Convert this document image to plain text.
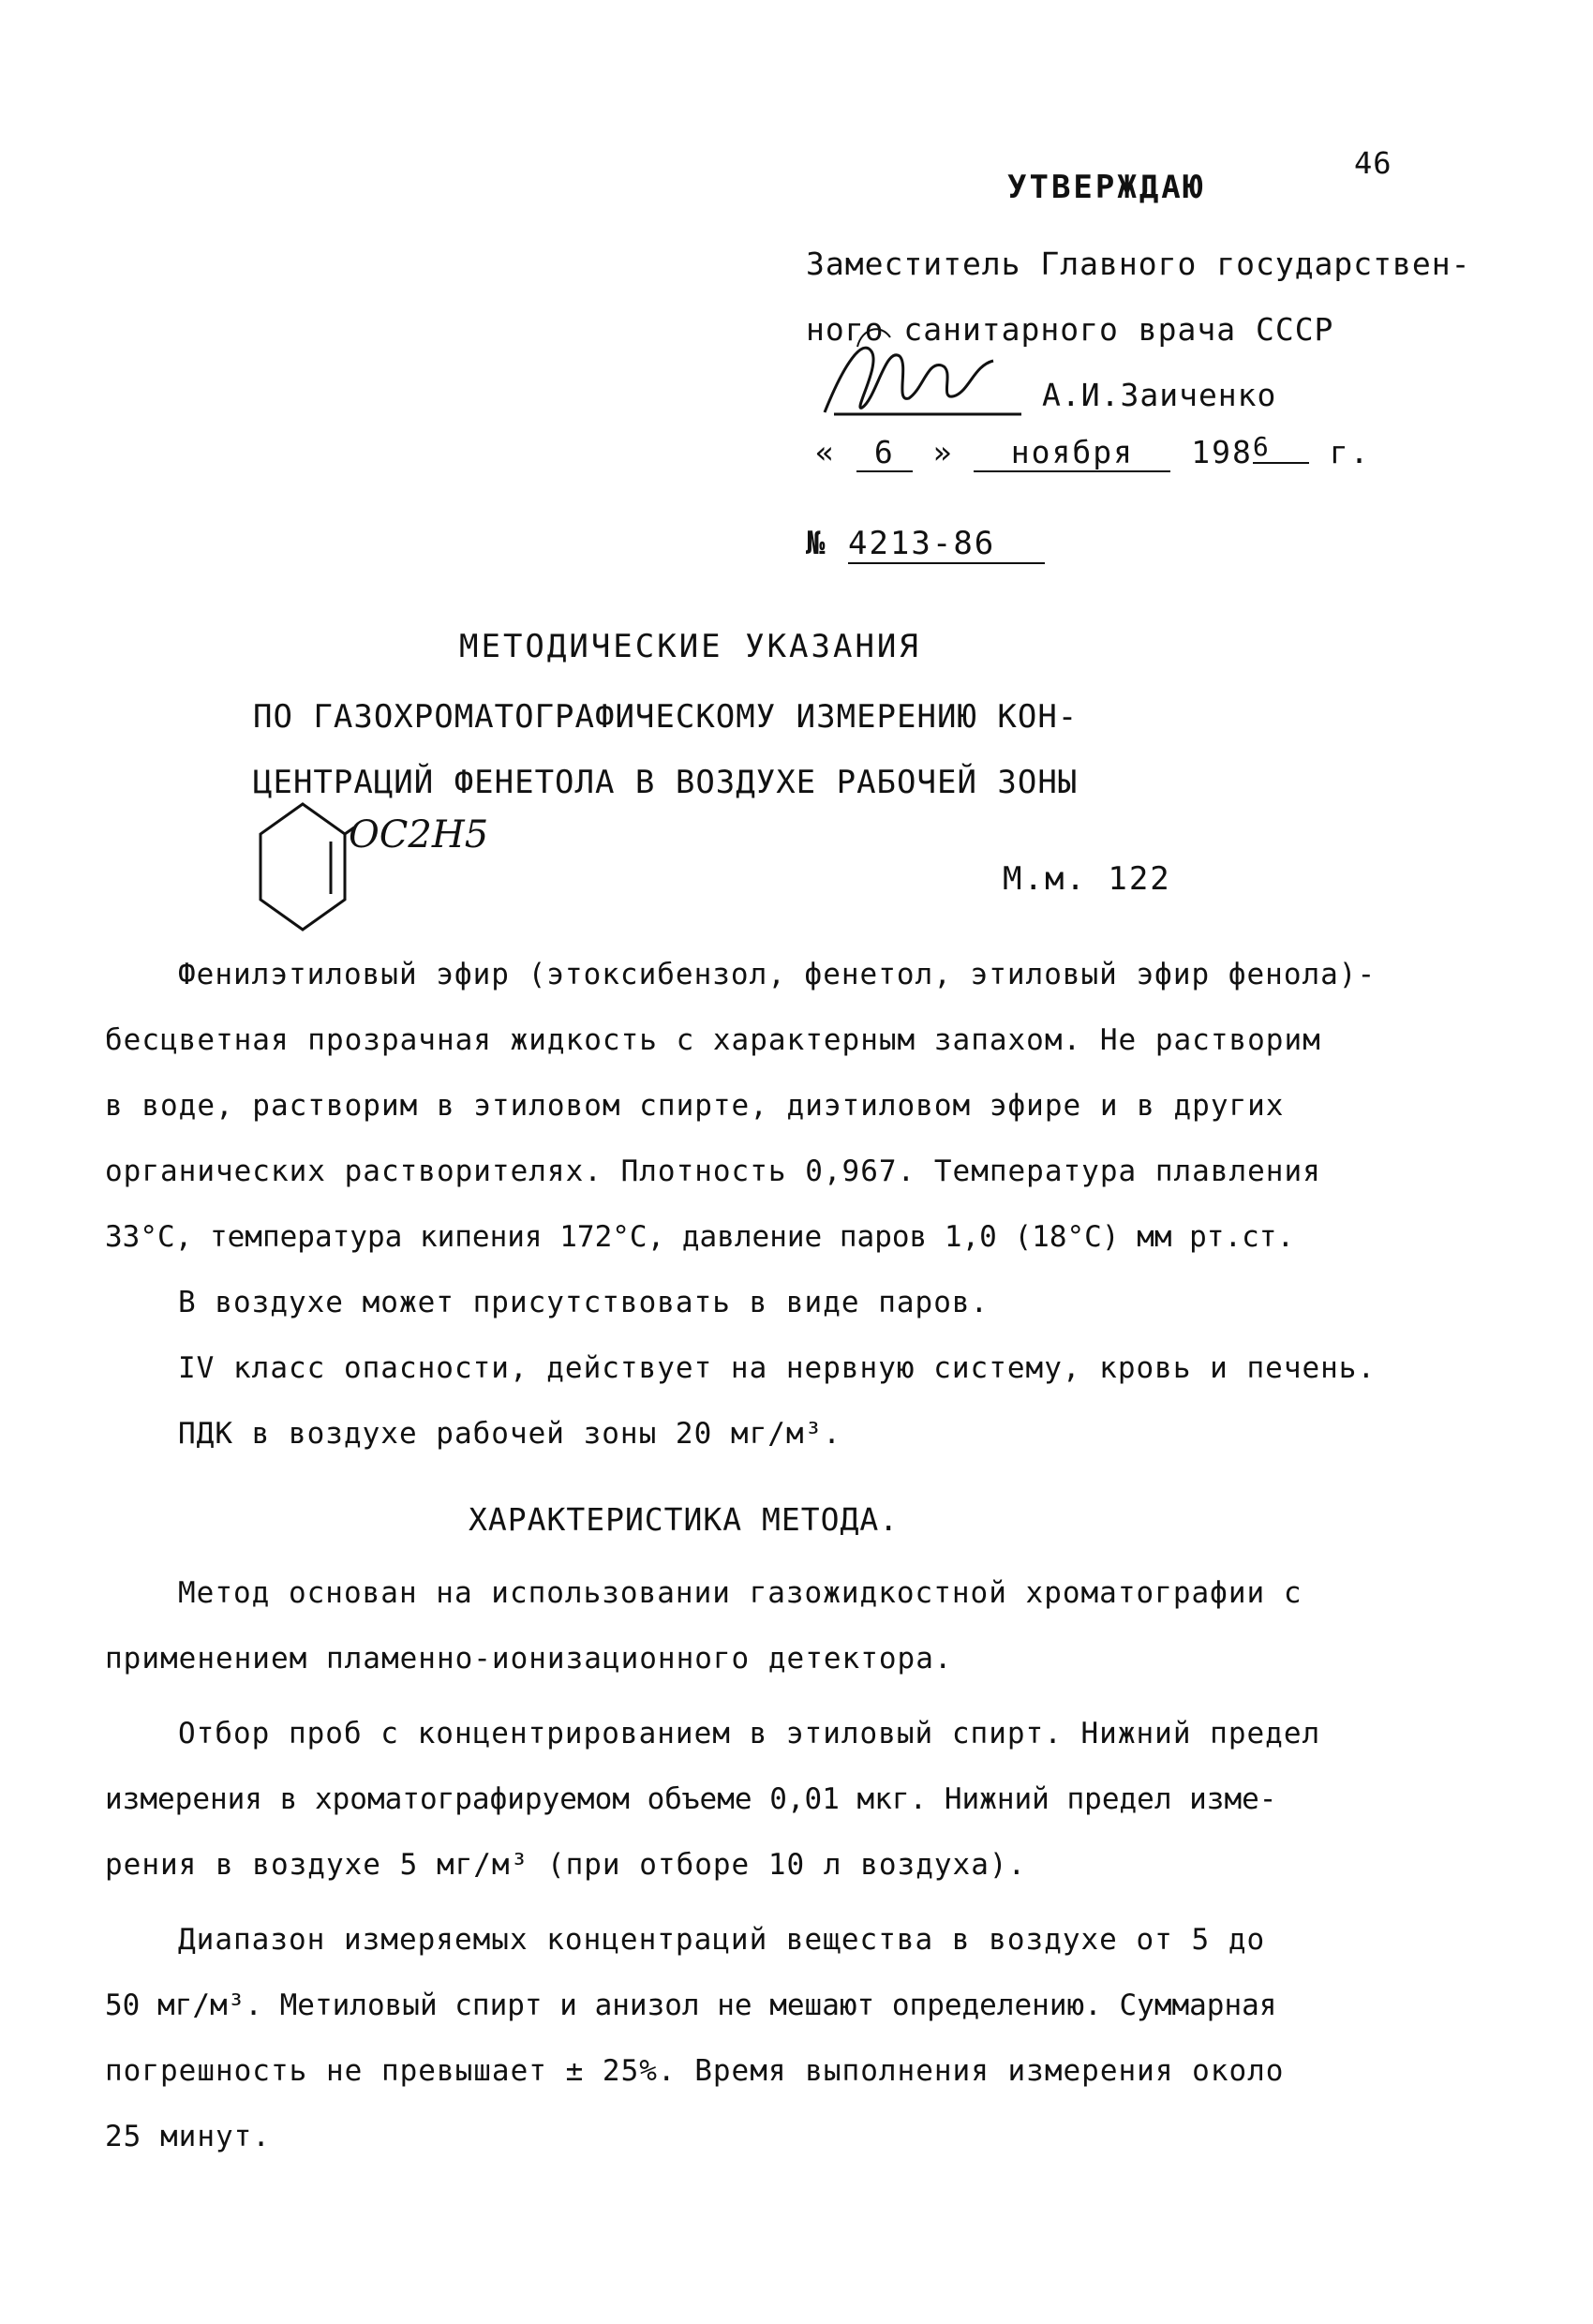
46
УТВЕРЖДАЮ
Заместитель Главного государствен-
ного санитарного врача СССР
А.И.Заиченко
« 6 » ноября 1986 г.
№ 4213-86
МЕТОДИЧЕСКИЕ УКАЗАНИЯ
ПО ГАЗОХРОМАТОГРАФИЧЕСКОМУ ИЗМЕРЕНИЮ КОН-
ЦЕНТРАЦИЙ ФЕНЕТОЛА В ВОЗДУХЕ РАБОЧЕЙ ЗОНЫ
OC2H5
М.м. 122
Фенилэтиловый эфир (этоксибензол, фенетол, этиловый эфир фенола)-
бесцветная прозрачная жидкость с характерным запахом. Не растворим
в воде, растворим в этиловом спирте, диэтиловом эфире и в других
органических растворителях. Плотность 0,967. Температура плавления
33°С, температура кипения 172°С, давление паров 1,0 (18°С) мм рт.ст.
В воздухе может присутствовать в виде паров.
IV класс опасности, действует на нервную систему, кровь и печень.
ПДК в воздухе рабочей зоны 20 мг/м³.
ХАРАКТЕРИСТИКА МЕТОДА.
Метод основан на использовании газожидкостной хроматографии с
применением пламенно-ионизационного детектора.
Отбор проб с концентрированием в этиловый спирт. Нижний предел
измерения в хроматографируемом объеме 0,01 мкг. Нижний предел изме-
рения в воздухе 5 мг/м³ (при отборе 10 л воздуха).
Диапазон измеряемых концентраций вещества в воздухе от 5 до
50 мг/м³. Метиловый спирт и анизол не мешают определению. Суммарная
погрешность не превышает ± 25%. Время выполнения измерения около
25 минут.
